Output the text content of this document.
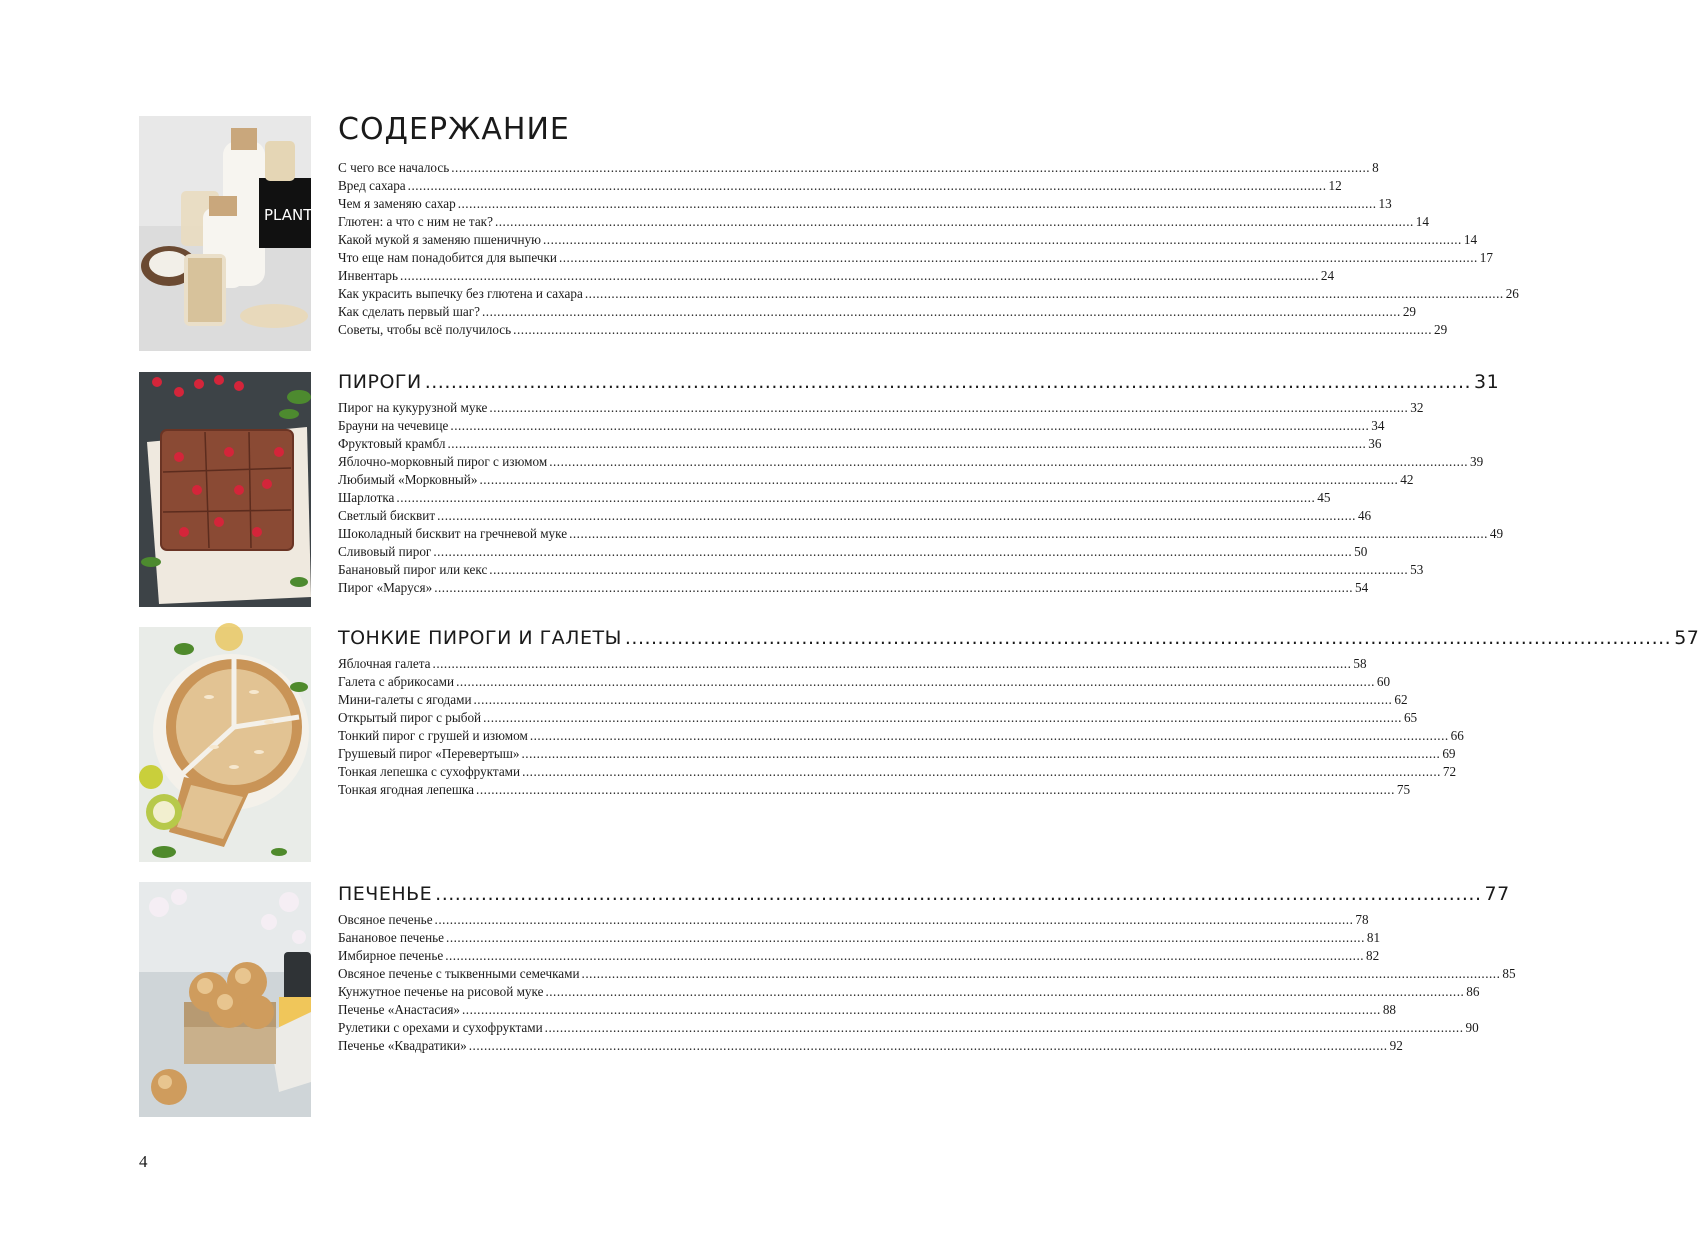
PLANT-
СОДЕРЖАНИЕ
С чего все началось .....	8
Вред сахара .....	12
Чем я заменяю сахар .....	13
Глютен: а что с ним не так? .....	14
Какой мукой я заменяю пшеничную .....	14
Что еще нам понадобится для выпечки .....	17
Инвентарь .....	24
Как украсить выпечку без глютена и сахара .....	26
Как сделать первый шаг? .....	29
Советы, чтобы всё получилось .....	29
ПИРОГИ .....	31
Пирог на кукурузной муке .....	32
Брауни на чечевице .....	34
Фруктовый крамбл .....	36
Яблочно-морковный пирог с изюмом .....	39
Любимый «Морковный» .....	42
Шарлотка .....	45
Светлый бисквит .....	46
Шоколадный бисквит на гречневой муке .....	49
Сливовый пирог .....	50
Банановый пирог или кекс .....	53
Пирог «Маруся» .....	54
ТОНКИЕ ПИРОГИ И ГАЛЕТЫ .....	57
Яблочная галета .....	58
Галета с абрикосами .....	60
Мини-галеты с ягодами .....	62
Открытый пирог с рыбой .....	65
Тонкий пирог с грушей и изюмом .....	66
Грушевый пирог «Перевертыш» .....	69
Тонкая лепешка с сухофруктами .....	72
Тонкая ягодная лепешка .....	75
ПЕЧЕНЬЕ .....	77
Овсяное печенье .....	78
Банановое печенье .....	81
Имбирное печенье .....	82
Овсяное печенье с тыквенными семечками .....	85
Кунжутное печенье на рисовой муке .....	86
Печенье «Анастасия» .....	88
Рулетики с орехами и сухофруктами .....	90
Печенье «Квадратики» .....	92
4
